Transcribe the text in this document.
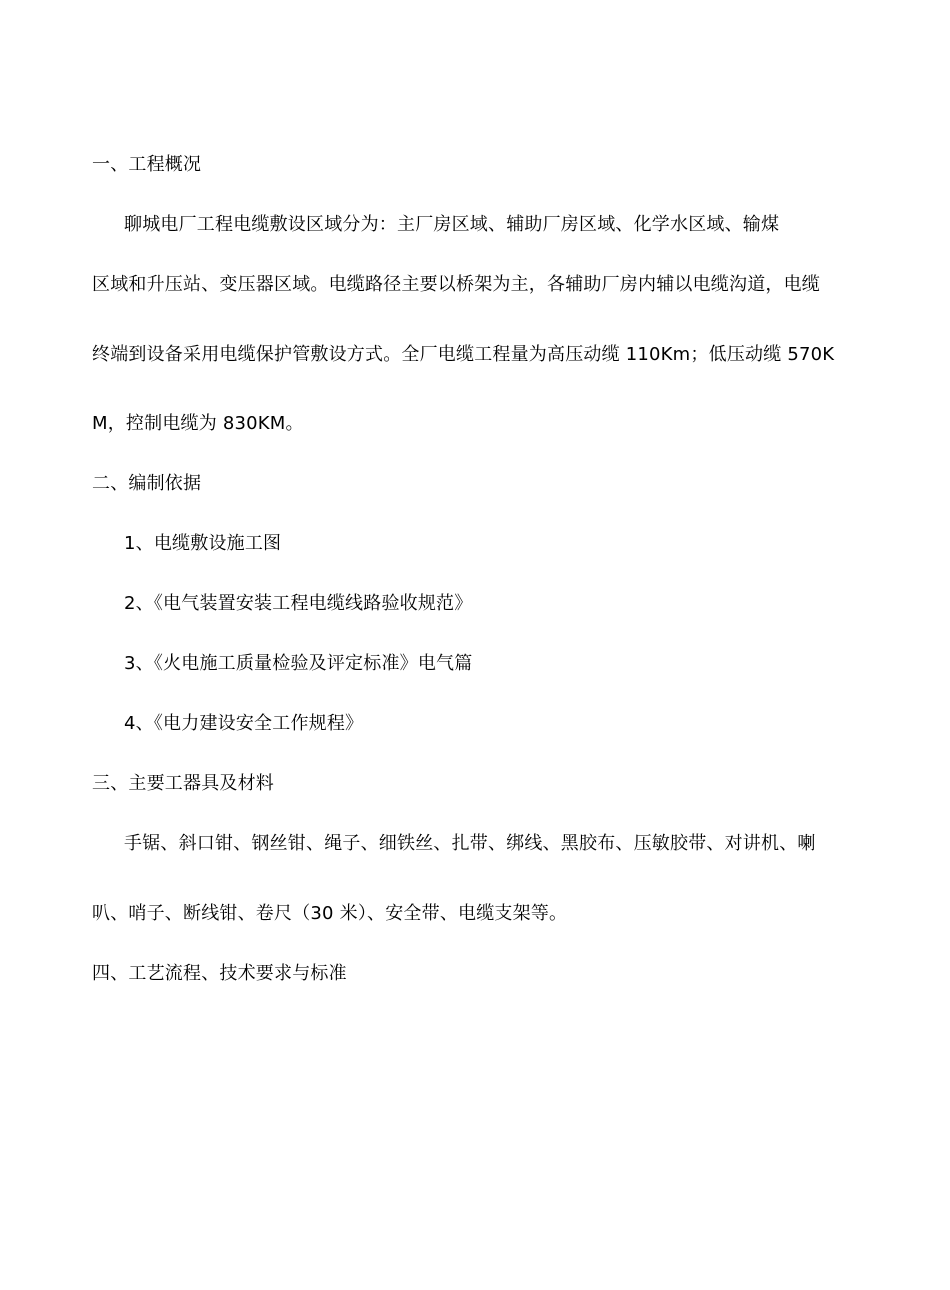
一、工程概况
聊城电厂工程电缆敷设区域分为：主厂房区域、辅助厂房区域、化学水区域、输煤
区域和升压站、变压器区域。电缆路径主要以桥架为主，各辅助厂房内辅以电缆沟道，电缆
终端到设备采用电缆保护管敷设方式。全厂电缆工程量为高压动缆 110Km；低压动缆 570K
M，控制电缆为 830KM。
二、编制依据
1、电缆敷设施工图
2、《电气装置安装工程电缆线路验收规范》
3、《火电施工质量检验及评定标准》电气篇
4、《电力建设安全工作规程》
三、主要工器具及材料
手锯、斜口钳、钢丝钳、绳子、细铁丝、扎带、绑线、黑胶布、压敏胶带、对讲机、喇
叭、哨子、断线钳、卷尺（30 米）、安全带、电缆支架等。
四、工艺流程、技术要求与标准
